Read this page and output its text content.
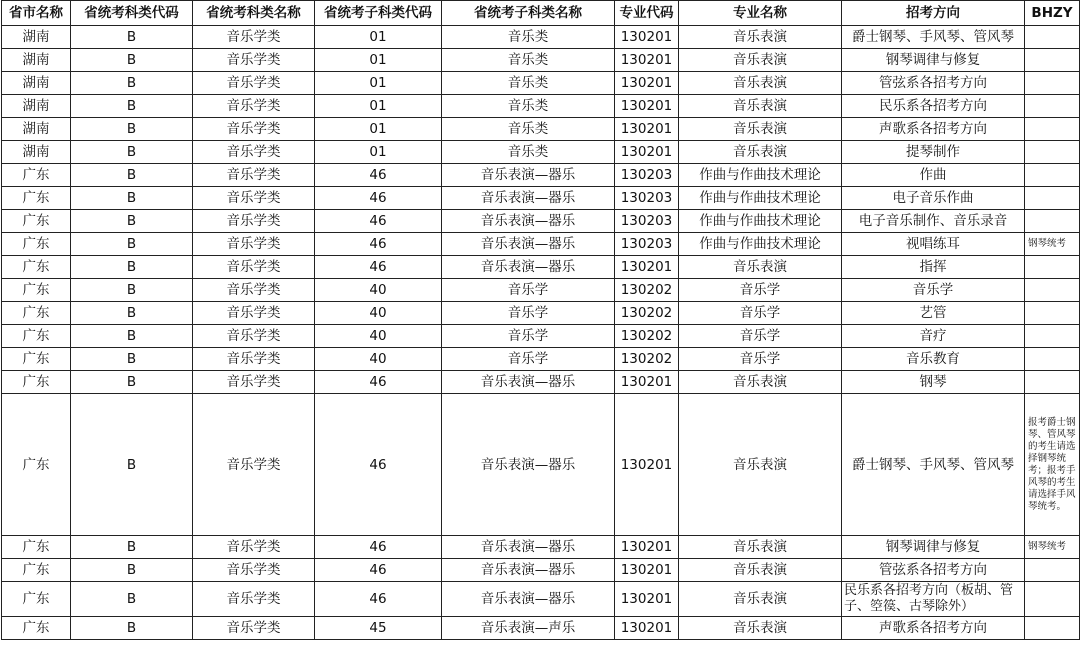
省市名称	省统考科类代码	省统考科类名称	省统考子科类代码	省统考子科类名称	专业代码	专业名称	招考方向	BHZY
湖南	B	音乐学类	01	音乐类	130201	音乐表演	爵士钢琴、手风琴、管风琴	
湖南	B	音乐学类	01	音乐类	130201	音乐表演	钢琴调律与修复	
湖南	B	音乐学类	01	音乐类	130201	音乐表演	管弦系各招考方向	
湖南	B	音乐学类	01	音乐类	130201	音乐表演	民乐系各招考方向	
湖南	B	音乐学类	01	音乐类	130201	音乐表演	声歌系各招考方向	
湖南	B	音乐学类	01	音乐类	130201	音乐表演	提琴制作	
广东	B	音乐学类	46	音乐表演—器乐	130203	作曲与作曲技术理论	作曲	
广东	B	音乐学类	46	音乐表演—器乐	130203	作曲与作曲技术理论	电子音乐作曲	
广东	B	音乐学类	46	音乐表演—器乐	130203	作曲与作曲技术理论	电子音乐制作、音乐录音	
广东	B	音乐学类	46	音乐表演—器乐	130203	作曲与作曲技术理论	视唱练耳	钢琴统考
广东	B	音乐学类	46	音乐表演—器乐	130201	音乐表演	指挥	
广东	B	音乐学类	40	音乐学	130202	音乐学	音乐学	
广东	B	音乐学类	40	音乐学	130202	音乐学	艺管	
广东	B	音乐学类	40	音乐学	130202	音乐学	音疗	
广东	B	音乐学类	40	音乐学	130202	音乐学	音乐教育	
广东	B	音乐学类	46	音乐表演—器乐	130201	音乐表演	钢琴	
广东	B	音乐学类	46	音乐表演—器乐	130201	音乐表演	爵士钢琴、手风琴、管风琴	报考爵士钢琴、管风琴的考生请选择钢琴统考；报考手风琴的考生请选择手风琴统考。
广东	B	音乐学类	46	音乐表演—器乐	130201	音乐表演	钢琴调律与修复	钢琴统考
广东	B	音乐学类	46	音乐表演—器乐	130201	音乐表演	管弦系各招考方向	
广东	B	音乐学类	46	音乐表演—器乐	130201	音乐表演	民乐系各招考方向（板胡、管子、箜篌、古琴除外）	
广东	B	音乐学类	45	音乐表演—声乐	130201	音乐表演	声歌系各招考方向	
